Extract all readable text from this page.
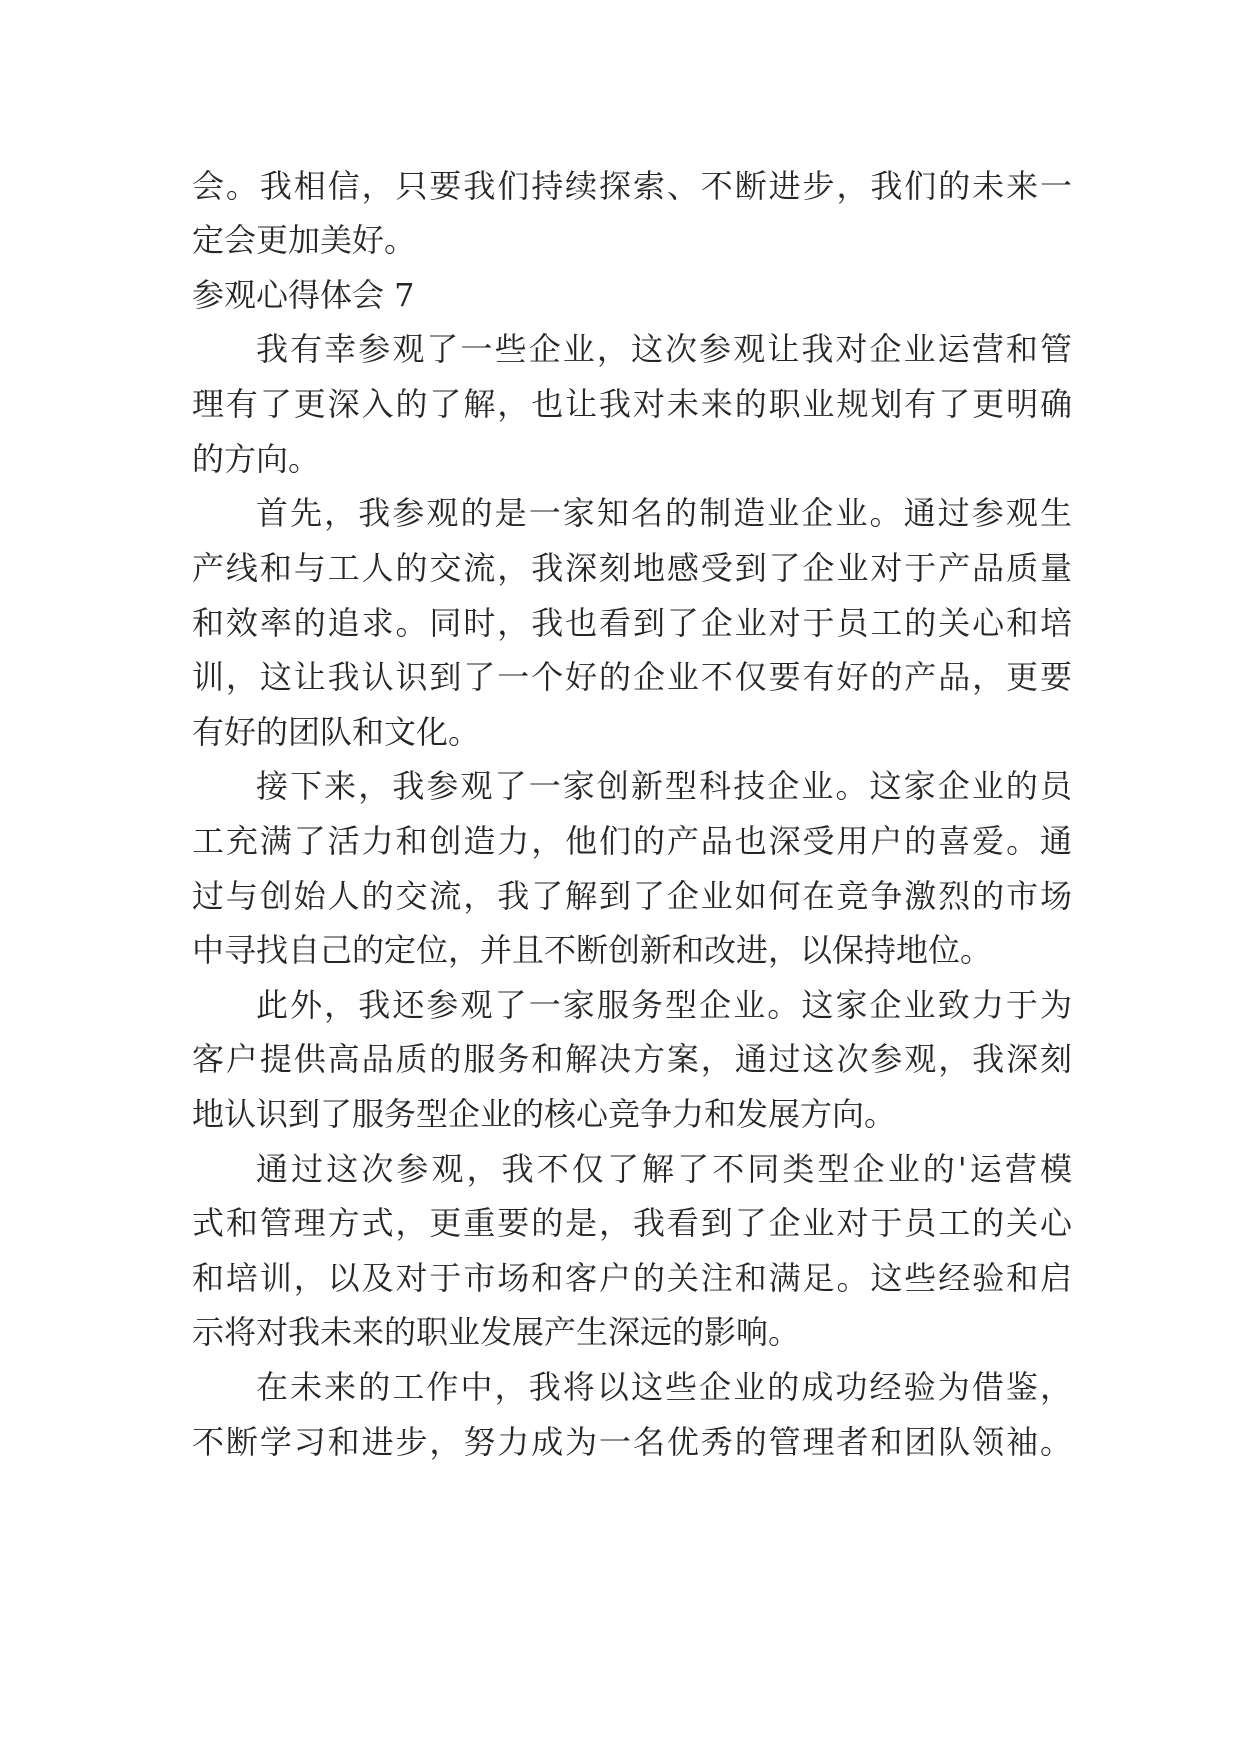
会。我相信，只要我们持续探索、不断进步，我们的未来一
定会更加美好。
参观心得体会 7
我有幸参观了一些企业，这次参观让我对企业运营和管
理有了更深入的了解，也让我对未来的职业规划有了更明确
的方向。
首先，我参观的是一家知名的制造业企业。通过参观生
产线和与工人的交流，我深刻地感受到了企业对于产品质量
和效率的追求。同时，我也看到了企业对于员工的关心和培
训，这让我认识到了一个好的企业不仅要有好的产品，更要
有好的团队和文化。
接下来，我参观了一家创新型科技企业。这家企业的员
工充满了活力和创造力，他们的产品也深受用户的喜爱。通
过与创始人的交流，我了解到了企业如何在竞争激烈的市场
中寻找自己的定位，并且不断创新和改进，以保持地位。
此外，我还参观了一家服务型企业。这家企业致力于为
客户提供高品质的服务和解决方案，通过这次参观，我深刻
地认识到了服务型企业的核心竞争力和发展方向。
通过这次参观，我不仅了解了不同类型企业的'运营模
式和管理方式，更重要的是，我看到了企业对于员工的关心
和培训，以及对于市场和客户的关注和满足。这些经验和启
示将对我未来的职业发展产生深远的影响。
在未来的工作中，我将以这些企业的成功经验为借鉴，
不断学习和进步，努力成为一名优秀的管理者和团队领袖。
